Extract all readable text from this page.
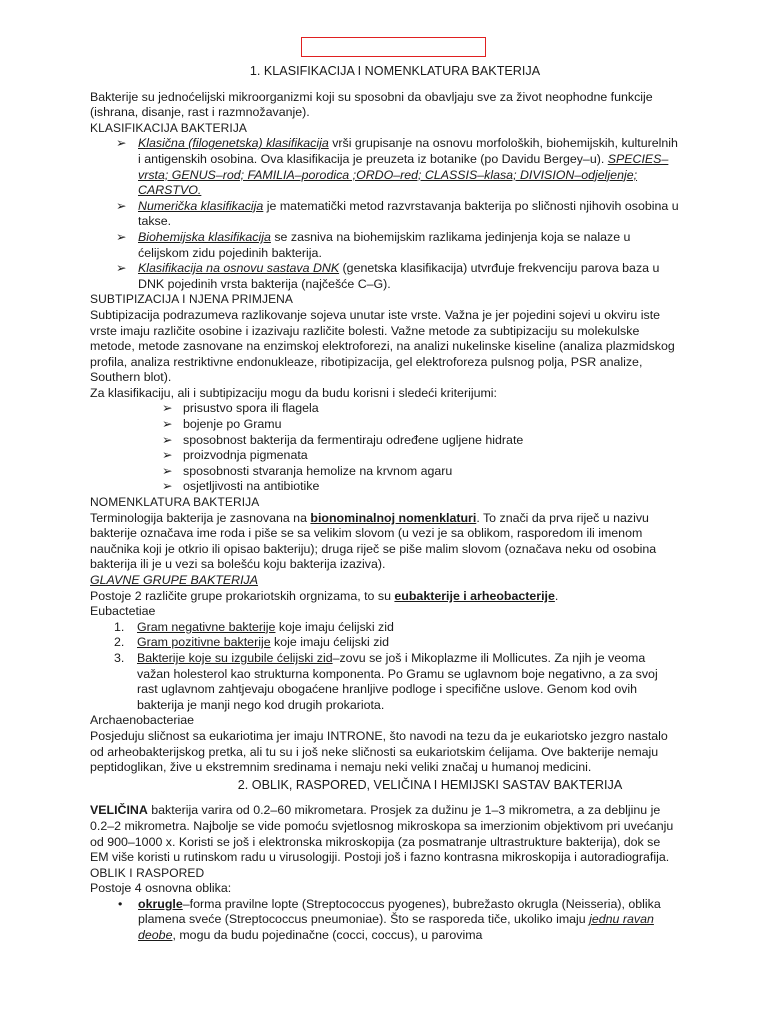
1. KLASIFIKACIJA I NOMENKLATURA BAKTERIJA

Bakterije su jednoćelijski mikroorganizmi koji su sposobni da obavljaju sve za život neophodne funkcije (ishrana, disanje, rast i razmnožavanje).

KLASIFIKACIJA BAKTERIJA
➢ Klasična (filogenetska) klasifikacija vrši grupisanje na osnovu morfoloških, biohemijskih, kulturelnih i antigenskih osobina. Ova klasifikacija je preuzeta iz botanike (po Davidu Bergey–u). SPECIES–vrsta; GENUS–rod; FAMILIA–porodica ;ORDO–red; CLASSIS–klasa; DIVISION–odjeljenje; CARSTVO.
➢ Numerička klasifikacija je matematički metod razvrstavanja bakterija po sličnosti njihovih osobina u takse.
➢ Biohemijska klasifikacija se zasniva na biohemijskim razlikama jedinjenja koja se nalaze u ćelijskom zidu pojedinih bakterija.
➢ Klasifikacija na osnovu sastava DNK (genetska klasifikacija) utvrđuje frekvenciju parova baza u DNK pojedinih vrsta bakterija (najčešće C–G).
SUBTIPIZACIJA I NJENA PRIMJENA

Subtipizacija podrazumeva razlikovanje sojeva unutar iste vrste. Važna je jer pojedini sojevi u okviru iste vrste imaju različite osobine i izazivaju različite bolesti. Važne metode za subtipizaciju su molekulske metode, metode zasnovane na enzimskoj elektroforezi, na analizi nukelinske kiseline (analiza plazmidskog profila, analiza restriktivne endonukleaze, ribotipizacija, gel elektroforeza pulsnog polja, PSR analize, Southern blot).

Za klasifikaciju, ali i subtipizaciju mogu da budu korisni i sledeći kriterijumi:

➢ prisustvo spora ili flagela
➢ bojenje po Gramu
➢ sposobnost bakterija da fermentiraju određene ugljene hidrate
➢ proizvodnja pigmenata
➢ sposobnosti stvaranja hemolize na krvnom agaru
➢ osjetljivosti na antibiotike
NOMENKLATURA BAKTERIJA

Terminologija bakterija je zasnovana na bionominalnoj nomenklaturi. To znači da prva riječ u nazivu bakterije označava ime roda i piše se sa velikim slovom (u vezi je sa oblikom, rasporedom ili imenom naučnika koji je otkrio ili opisao bakteriju); druga riječ se piše malim slovom (označava neku od osobina bakterija ili je u vezi sa bolešću koju bakterija izaziva).

GLAVNE GRUPE BAKTERIJA

Postoje 2 različite grupe prokariotskih orgnizama, to su eubakterije i arheobacterije.

Eubactetiae
1. Gram negativne bakterije koje imaju ćelijski zid
2. Gram pozitivne bakterije koje imaju ćelijski zid
3. Bakterije koje su izgubile ćelijski zid–zovu se još i Mikoplazme ili Mollicutes. Za njih je veoma važan holesterol kao strukturna komponenta. Po Gramu se uglavnom boje negativno, a za svoj rast uglavnom zahtjevaju obogaćene hranljive podloge i specifične uslove. Genom kod ovih bakterija je manji nego kod drugih prokariota.
Archaenobacteriae

Posjeduju sličnost sa eukariotima jer imaju INTRONE, što navodi na tezu da je eukariotsko jezgro nastalo od arheobakterijskog pretka, ali tu su i još neke sličnosti sa eukariotskim ćelijama. Ove bakterije nemaju peptidoglikan, žive u ekstremnim sredinama i nemaju neki veliki značaj u humanoj medicini.

2. OBLIK, RASPORED, VELIČINA I HEMIJSKI SASTAV BAKTERIJA

VELIČINA bakterija varira od 0.2–60 mikrometara. Prosjek za dužinu je 1–3 mikrometra, a za debljinu je 0.2–2 mikrometra. Najbolje se vide pomoću svjetlosnog mikroskopa sa imerzionim objektivom pri uvećanju od 900–1000 x. Koristi se još i elektronska mikroskopija (za posmatranje ultrastrukture bakterija), dok se EM više koristi u rutinskom radu u virusologiji. Postoji još i fazno kontrasna mikroskopija i autoradiografija.

OBLIK I RASPORED

Postoje 4 osnovna oblika:

• okrugle–forma pravilne lopte (Streptococcus pyogenes), bubrežasto okrugla (Neisseria), oblika plamena sveće (Streptococcus pneumoniae). Što se rasporeda tiče, ukoliko imaju jednu ravan deobe, mogu da budu pojedinačne (cocci, coccus), u parovima
